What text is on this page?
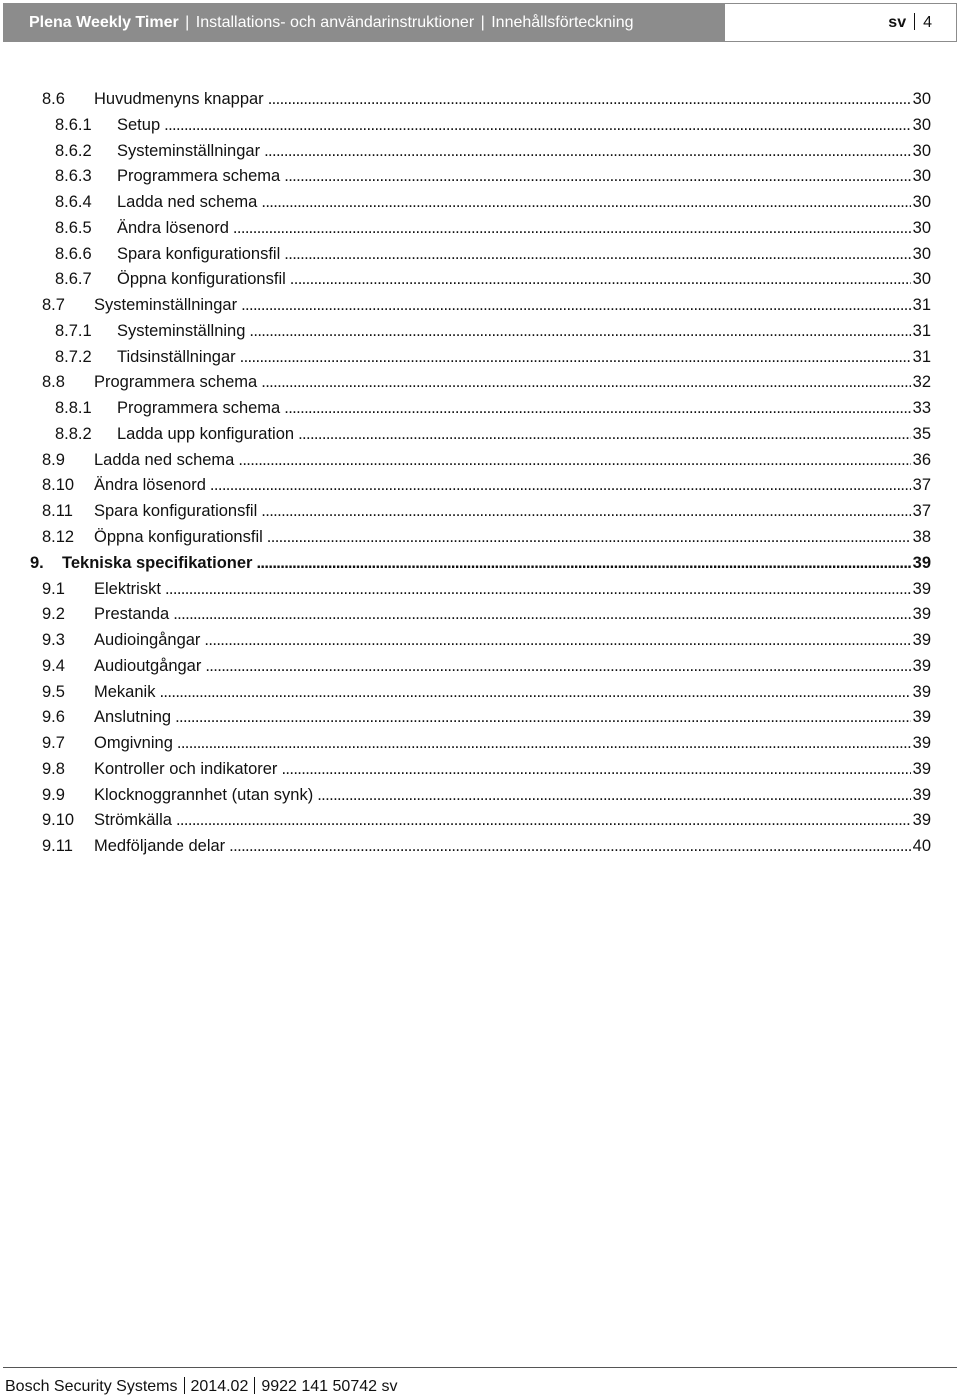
Plena Weekly Timer | Installations- och användarinstruktioner | Innehållsförteckning	sv 4
8.6 Huvudmenyns knappar . . .	30
8.6.1 Setup . . .	30
8.6.2 Systeminställningar . . .	30
8.6.3 Programmera schema . . .	30
8.6.4 Ladda ned schema . . .	30
8.6.5 Ändra lösenord . . .	30
8.6.6 Spara konfigurationsfil . . .	30
8.6.7 Öppna konfigurationsfil . . .	30
8.7 Systeminställningar . . .	31
8.7.1 Systeminställning . . .	31
8.7.2 Tidsinställningar . . .	31
8.8 Programmera schema . . .	32
8.8.1 Programmera schema . . .	33
8.8.2 Ladda upp konfiguration . . .	35
8.9 Ladda ned schema . . .	36
8.10 Ändra lösenord . . .	37
8.11 Spara konfigurationsfil . . .	37
8.12 Öppna konfigurationsfil . . .	38
9. Tekniska specifikationer . . .	39
9.1 Elektriskt . . .	39
9.2 Prestanda . . .	39
9.3 Audioingångar . . .	39
9.4 Audioutgångar . . .	39
9.5 Mekanik . . .	39
9.6 Anslutning . . .	39
9.7 Omgivning . . .	39
9.8 Kontroller och indikatorer . . .	39
9.9 Klocknoggrannhet (utan synk) . . .	39
9.10 Strömkälla . . .	39
9.11 Medföljande delar . . .	40
Bosch Security Systems 2014.02 9922 141 50742 sv
